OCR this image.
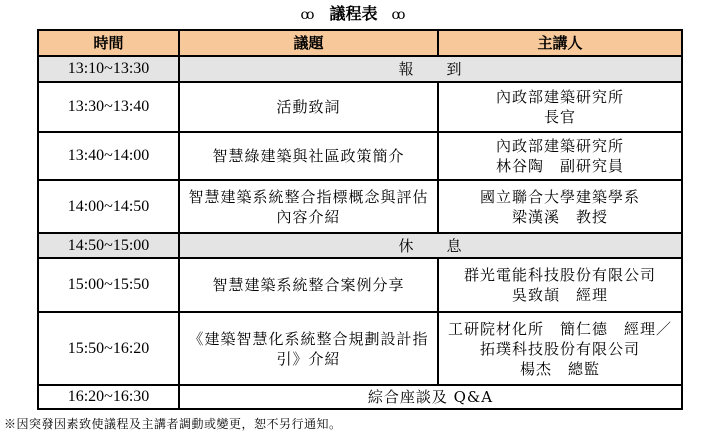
ꝏ 議程表 ꝏ
時間	議題	主講人
13:10~13:30	報　　到	
13:30~13:40	活動致詞	內政部建築研究所
長官

13:40~14:00	智慧綠建築與社區政策簡介	內政部建築研究所
林谷陶　副研究員

14:00~14:50	智慧建築系統整合指標概念與評估內容介紹	國立聯合大學建築學系
梁漢溪　教授

14:50~15:00	休　　息	
15:00~15:50	智慧建築系統整合案例分享	群光電能科技股份有限公司
吳致頡　經理

15:50~16:20	《建築智慧化系統整合規劃設計指引》介紹	工研院材化所　簡仁德　經理／拓璞科技股份有限公司
楊杰　總監

16:20~16:30	綜合座談及 Q&A	
※因突發因素致使議程及主講者調動或變更，恕不另行通知。
